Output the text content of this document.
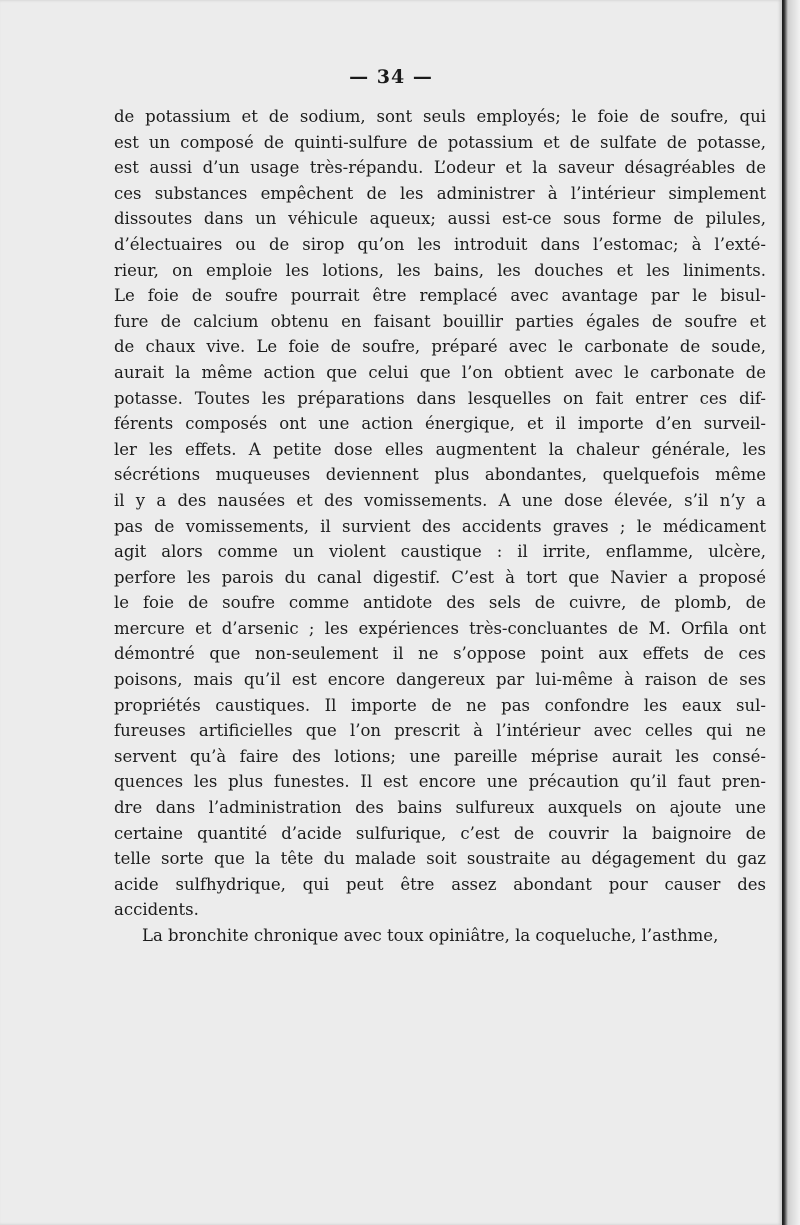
— 34 —
de potassium et de sodium, sont seuls employés; le foie de soufre, qui
est un composé de quinti-sulfure de potassium et de sulfate de potasse,
est aussi d’un usage très-répandu. L’odeur et la saveur désagréables de
ces substances empêchent de les administrer à l’intérieur simplement
dissoutes dans un véhicule aqueux; aussi est-ce sous forme de pilules,
d’électuaires ou de sirop qu’on les introduit dans l’estomac; à l’exté-
rieur, on emploie les lotions, les bains, les douches et les liniments.
Le foie de soufre pourrait être remplacé avec avantage par le bisul-
fure de calcium obtenu en faisant bouillir parties égales de soufre et
de chaux vive. Le foie de soufre, préparé avec le carbonate de soude,
aurait la même action que celui que l’on obtient avec le carbonate de
potasse. Toutes les préparations dans lesquelles on fait entrer ces dif-
férents composés ont une action énergique, et il importe d’en surveil-
ler les effets. A petite dose elles augmentent la chaleur générale, les
sécrétions muqueuses deviennent plus abondantes, quelquefois même
il y a des nausées et des vomissements. A une dose élevée, s’il n’y a
pas de vomissements, il survient des accidents graves ; le médicament
agit alors comme un violent caustique : il irrite, enflamme, ulcère,
perfore les parois du canal digestif. C’est à tort que Navier a proposé
le foie de soufre comme antidote des sels de cuivre, de plomb, de
mercure et d’arsenic ; les expériences très-concluantes de M. Orfila ont
démontré que non-seulement il ne s’oppose point aux effets de ces
poisons, mais qu’il est encore dangereux par lui-même à raison de ses
propriétés caustiques. Il importe de ne pas confondre les eaux sul-
fureuses artificielles que l’on prescrit à l’intérieur avec celles qui ne
servent qu’à faire des lotions; une pareille méprise aurait les consé-
quences les plus funestes. Il est encore une précaution qu’il faut pren-
dre dans l’administration des bains sulfureux auxquels on ajoute une
certaine quantité d’acide sulfurique, c’est de couvrir la baignoire de
telle sorte que la tête du malade soit soustraite au dégagement du gaz
acide sulfhydrique, qui peut être assez abondant pour causer des
accidents.
La bronchite chronique avec toux opiniâtre, la coqueluche, l’asthme,
